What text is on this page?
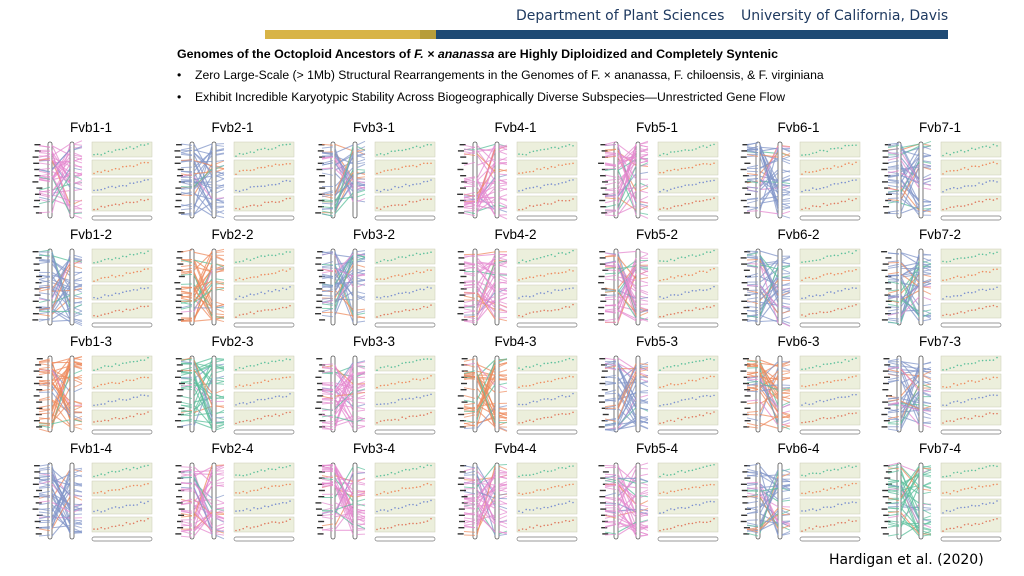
Department of Plant Sciences University of California, Davis
Genomes of the Octoploid Ancestors of F. × ananassa are Highly Diploidized and Completely Syntenic
• Zero Large-Scale (> 1Mb) Structural Rearrangements in the Genomes of F. × ananassa, F. chiloensis, & F. virginiana
• Exhibit Incredible Karyotypic Stability Across Biogeographically Diverse Subspecies—Unrestricted Gene Flow
Fvb1-1	Fvb2-1	Fvb3-1	Fvb4-1	Fvb5-1	Fvb6-1	Fvb7-1
Fvb1-2	Fvb2-2	Fvb3-2	Fvb4-2	Fvb5-2	Fvb6-2	Fvb7-2
Fvb1-3	Fvb2-3	Fvb3-3	Fvb4-3	Fvb5-3	Fvb6-3	Fvb7-3
Fvb1-4	Fvb2-4	Fvb3-4	Fvb4-4	Fvb5-4	Fvb6-4	Fvb7-4
Hardigan et al. (2020)
